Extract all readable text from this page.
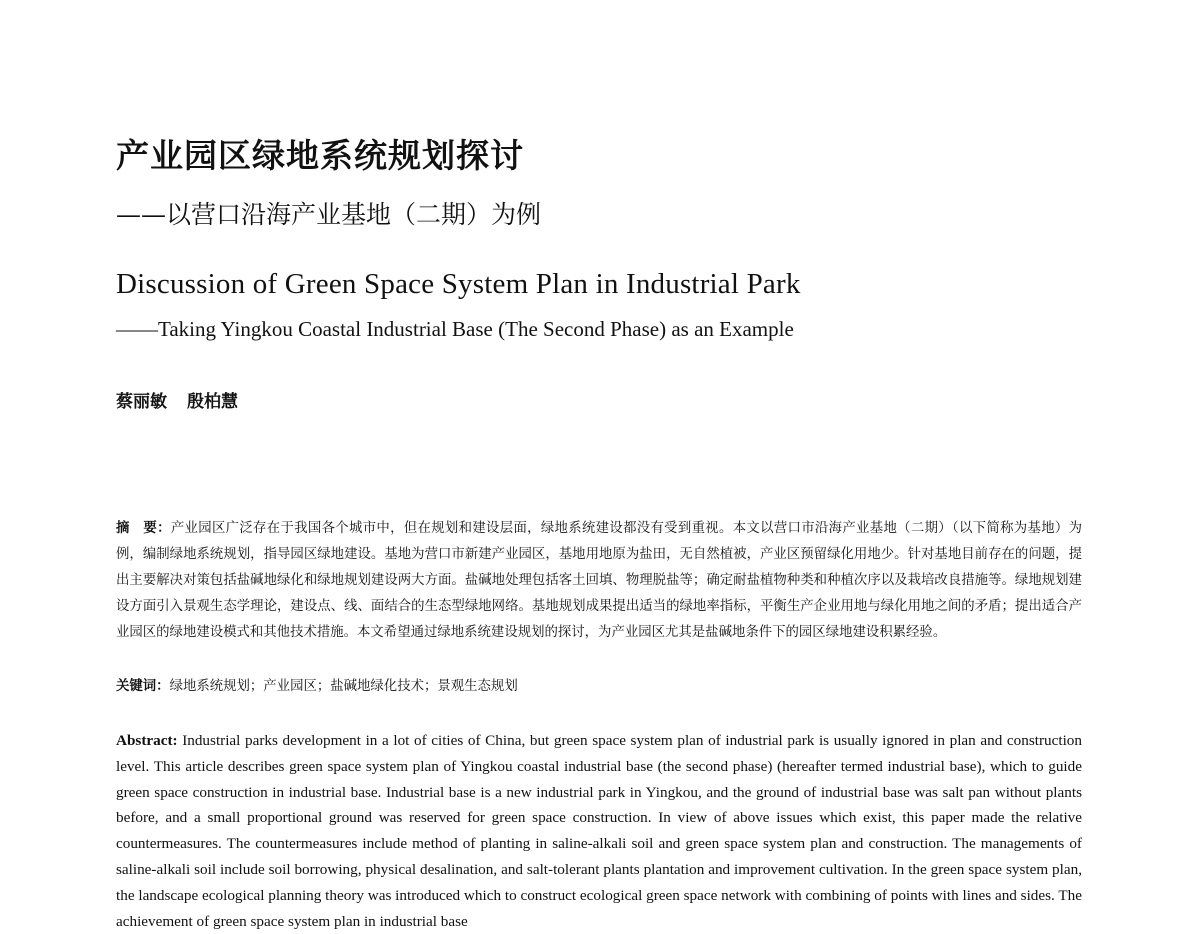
产业园区绿地系统规划探讨
——以营口沿海产业基地（二期）为例
Discussion of Green Space System Plan in Industrial Park
——Taking Yingkou Coastal Industrial Base (The Second Phase) as an Example
蔡丽敏 殷柏慧

摘　要：产业园区广泛存在于我国各个城市中，但在规划和建设层面，绿地系统建设都没有受到重视。本文以营口市沿海产业基地（二期）（以下简称为基地）为例，编制绿地系统规划，指导园区绿地建设。基地为营口市新建产业园区，基地用地原为盐田，无自然植被，产业区预留绿化用地少。针对基地目前存在的问题，提出主要解决对策包括盐碱地绿化和绿地规划建设两大方面。盐碱地处理包括客土回填、物理脱盐等；确定耐盐植物种类和种植次序以及栽培改良措施等。绿地规划建设方面引入景观生态学理论，建设点、线、面结合的生态型绿地网络。基地规划成果提出适当的绿地率指标，平衡生产企业用地与绿化用地之间的矛盾；提出适合产业园区的绿地建设模式和其他技术措施。本文希望通过绿地系统建设规划的探讨，为产业园区尤其是盐碱地条件下的园区绿地建设积累经验。

关键词：绿地系统规划；产业园区；盐碱地绿化技术；景观生态规划

Abstract: Industrial parks development in a lot of cities of China, but green space system plan of industrial park is usually ignored in plan and construction level. This article describes green space system plan of Yingkou coastal industrial base (the second phase) (hereafter termed industrial base), which to guide green space construction in industrial base. Industrial base is a new industrial park in Yingkou, and the ground of industrial base was salt pan without plants before, and a small proportional ground was reserved for green space construction. In view of above issues which exist, this paper made the relative countermeasures. The countermeasures include method of planting in saline-alkali soil and green space system plan and construction. The managements of saline-alkali soil include soil borrowing, physical desalination, and salt-tolerant plants plantation and improvement cultivation. In the green space system plan, the landscape ecological planning theory was introduced which to construct ecological green space network with combining of points with lines and sides. The achievement of green space system plan in industrial base
